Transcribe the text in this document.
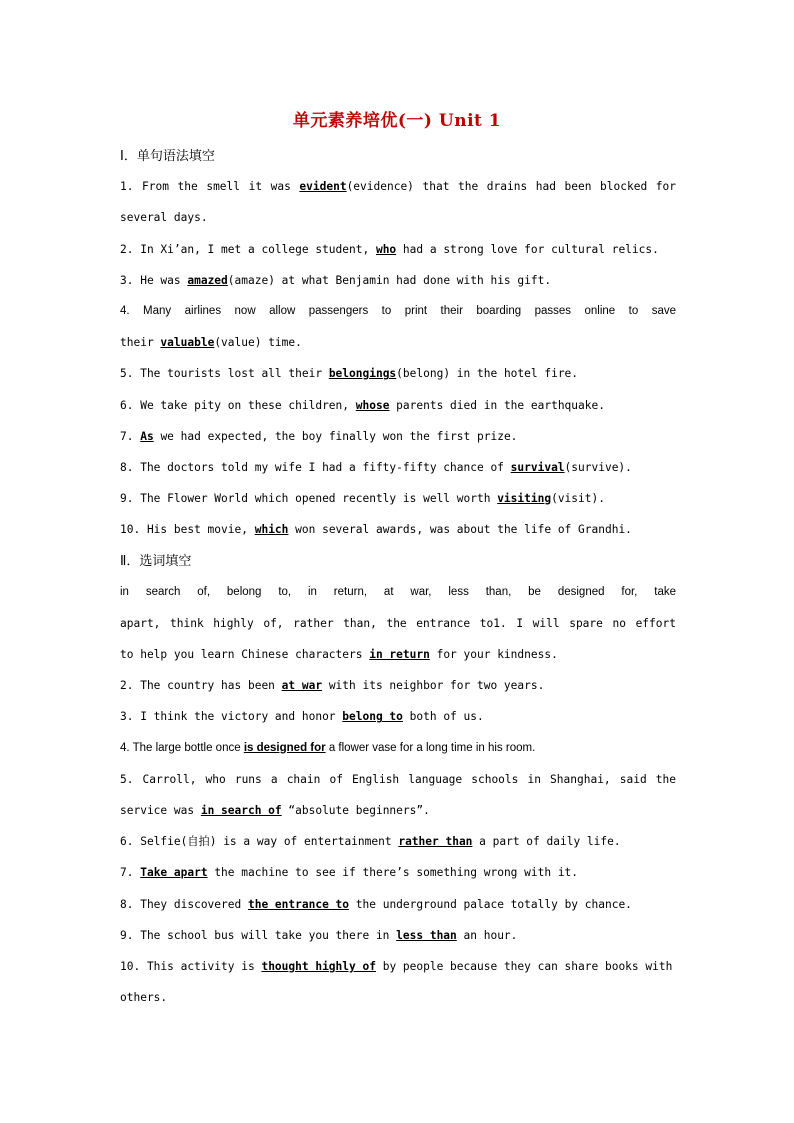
单元素养培优(一) Unit 1
Ⅰ．单句语法填空
1. From the smell it was evident(evidence) that the drains had been blocked for
several days.
2. In Xi’an, I met a college student, who had a strong love for cultural relics.
3. He was amazed(amaze) at what Benjamin had done with his gift.
4. Many airlines now allow passengers to print their boarding passes online to save
their valuable(value) time.
5. The tourists lost all their belongings(belong) in the hotel fire.
6. We take pity on these children, whose parents died in the earthquake.
7. As we had expected, the boy finally won the first prize.
8. The doctors told my wife I had a fifty-fifty chance of survival(survive).
9. The Flower World which opened recently is well worth visiting(visit).
10. His best movie, which won several awards, was about the life of Grandhi.
Ⅱ．选词填空
in search of, belong to, in return, at war, less than, be designed for, take
apart, think highly of, rather than, the entrance to1. I will spare no effort
to help you learn Chinese characters in return for your kindness.
2. The country has been at war with its neighbor for two years.
3. I think the victory and honor belong to both of us.
4. The large bottle once is designed for a flower vase for a long time in his room.
5. Carroll, who runs a chain of English language schools in Shanghai, said the
service was in search of “absolute beginners”.
6. Selfie(自拍) is a way of entertainment rather than a part of daily life.
7. Take apart the machine to see if there’s something wrong with it.
8. They discovered the entrance to the underground palace totally by chance.
9. The school bus will take you there in less than an hour.
10. This activity is thought highly of by people because they can share books with
others.
